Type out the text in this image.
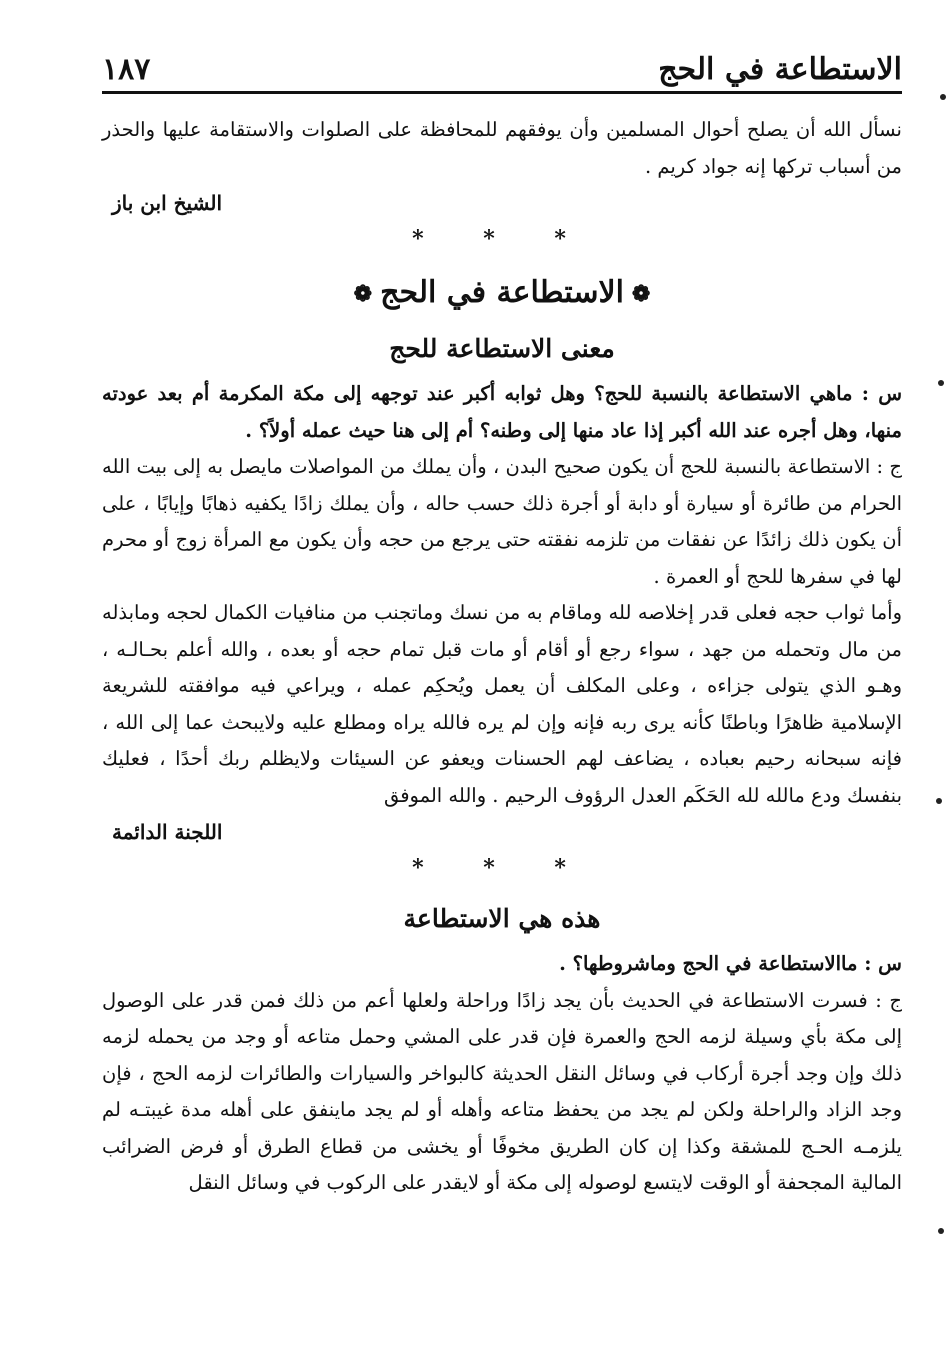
الاستطاعة في الحج
١٨٧

نسأل الله أن يصلح أحوال المسلمين وأن يوفقهم للمحافظة على الصلوات والاستقامة عليها والحذر من أسباب تركها إنه جواد كريم .

الشيخ ابن باز
* * *
❁الاستطاعة في الحج❁
معنى الاستطاعة للحج

س : ماهي الاستطاعة بالنسبة للحج؟ وهل ثوابه أكبر عند توجهه إلى مكة المكرمة أم بعد عودته منها، وهل أجره عند الله أكبر إذا عاد منها إلى وطنه؟ أم إلى هنا حيث عمله أولاً؟ .

ج : الاستطاعة بالنسبة للحج أن يكون صحيح البدن ، وأن يملك من المواصلات مايصل به إلى بيت الله الحرام من طائرة أو سيارة أو دابة أو أجرة ذلك حسب حاله ، وأن يملك زادًا يكفيه ذهابًا وإيابًا ، على أن يكون ذلك زائدًا عن نفقات من تلزمه نفقته حتى يرجع من حجه وأن يكون مع المرأة زوج أو محرم لها في سفرها للحج أو العمرة .

وأما ثواب حجه فعلى قدر إخلاصه لله وماقام به من نسك وماتجنب من منافيات الكمال لحجه ومابذله من مال وتحمله من جهد ، سواء رجع أو أقام أو مات قبل تمام حجه أو بعده ، والله أعلم بحـالـه ، وهـو الذي يتولى جزاءه ، وعلى المكلف أن يعمل ويُحكِم عمله ، ويراعي فيه موافقته للشريعة الإسلامية ظاهرًا وباطنًا كأنه يرى ربه فإنه وإن لم يره فالله يراه ومطلع عليه ولايبحث عما إلى الله ، فإنه سبحانه رحيم بعباده ، يضاعف لهم الحسنات ويعفو عن السيئات ولايظلم ربك أحدًا ، فعليك بنفسك ودع مالله لله الحَكَم العدل الرؤوف الرحيم . والله الموفق

اللجنة الدائمة
* * *
هذه هي الاستطاعة

س : ماالاستطاعة في الحج وماشروطها؟ .

ج : فسرت الاستطاعة في الحديث بأن يجد زادًا وراحلة ولعلها أعم من ذلك فمن قدر على الوصول إلى مكة بأي وسيلة لزمه الحج والعمرة فإن قدر على المشي وحمل متاعه أو وجد من يحمله لزمه ذلك وإن وجد أجرة أركاب في وسائل النقل الحديثة كالبواخر والسيارات والطائرات لزمه الحج ، فإن وجد الزاد والراحلة ولكن لم يجد من يحفظ متاعه وأهله أو لم يجد ماينفق على أهله مدة غيبتـه لم يلزمـه الحـج للمشقة وكذا إن كان الطريق مخوفًا أو يخشى من قطاع الطرق أو فرض الضرائب المالية المجحفة أو الوقت لايتسع لوصوله إلى مكة أو لايقدر على الركوب في وسائل النقل
